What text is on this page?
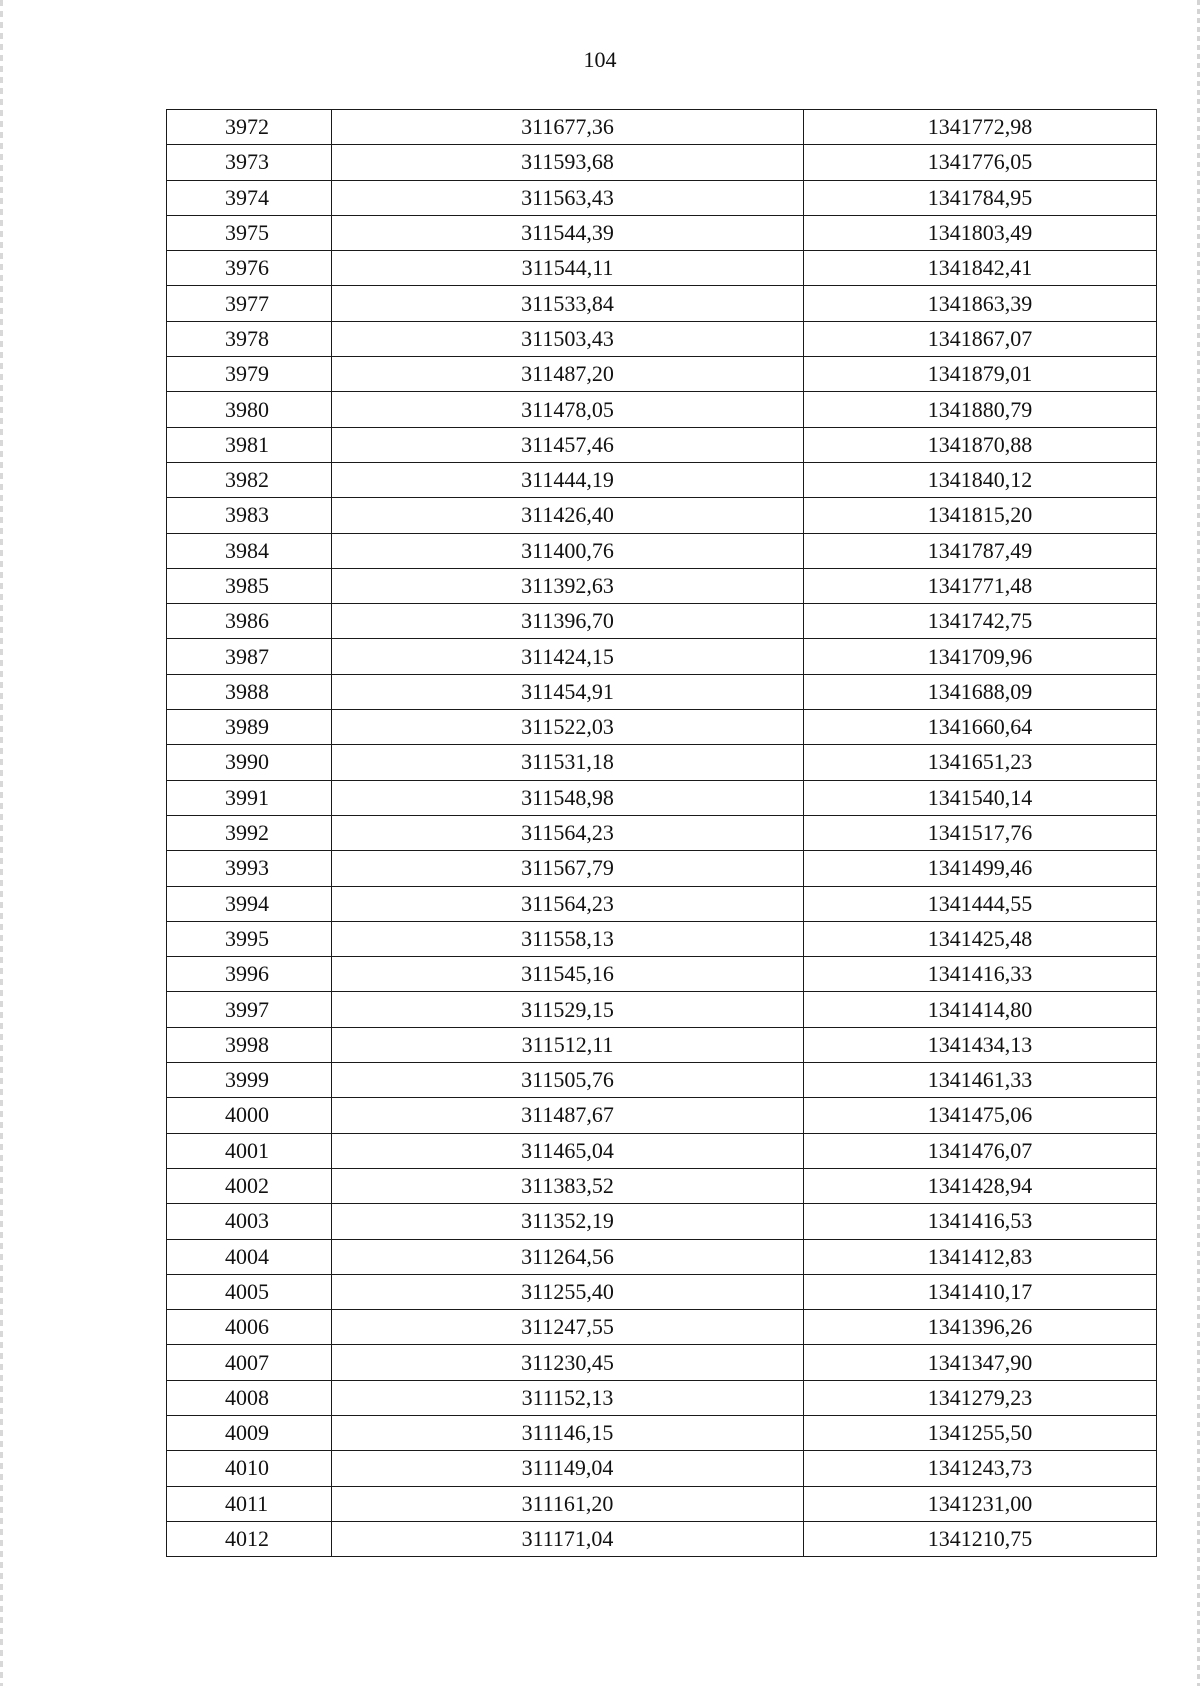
104
3972	311677,36	1341772,98
3973	311593,68	1341776,05
3974	311563,43	1341784,95
3975	311544,39	1341803,49
3976	311544,11	1341842,41
3977	311533,84	1341863,39
3978	311503,43	1341867,07
3979	311487,20	1341879,01
3980	311478,05	1341880,79
3981	311457,46	1341870,88
3982	311444,19	1341840,12
3983	311426,40	1341815,20
3984	311400,76	1341787,49
3985	311392,63	1341771,48
3986	311396,70	1341742,75
3987	311424,15	1341709,96
3988	311454,91	1341688,09
3989	311522,03	1341660,64
3990	311531,18	1341651,23
3991	311548,98	1341540,14
3992	311564,23	1341517,76
3993	311567,79	1341499,46
3994	311564,23	1341444,55
3995	311558,13	1341425,48
3996	311545,16	1341416,33
3997	311529,15	1341414,80
3998	311512,11	1341434,13
3999	311505,76	1341461,33
4000	311487,67	1341475,06
4001	311465,04	1341476,07
4002	311383,52	1341428,94
4003	311352,19	1341416,53
4004	311264,56	1341412,83
4005	311255,40	1341410,17
4006	311247,55	1341396,26
4007	311230,45	1341347,90
4008	311152,13	1341279,23
4009	311146,15	1341255,50
4010	311149,04	1341243,73
4011	311161,20	1341231,00
4012	311171,04	1341210,75
